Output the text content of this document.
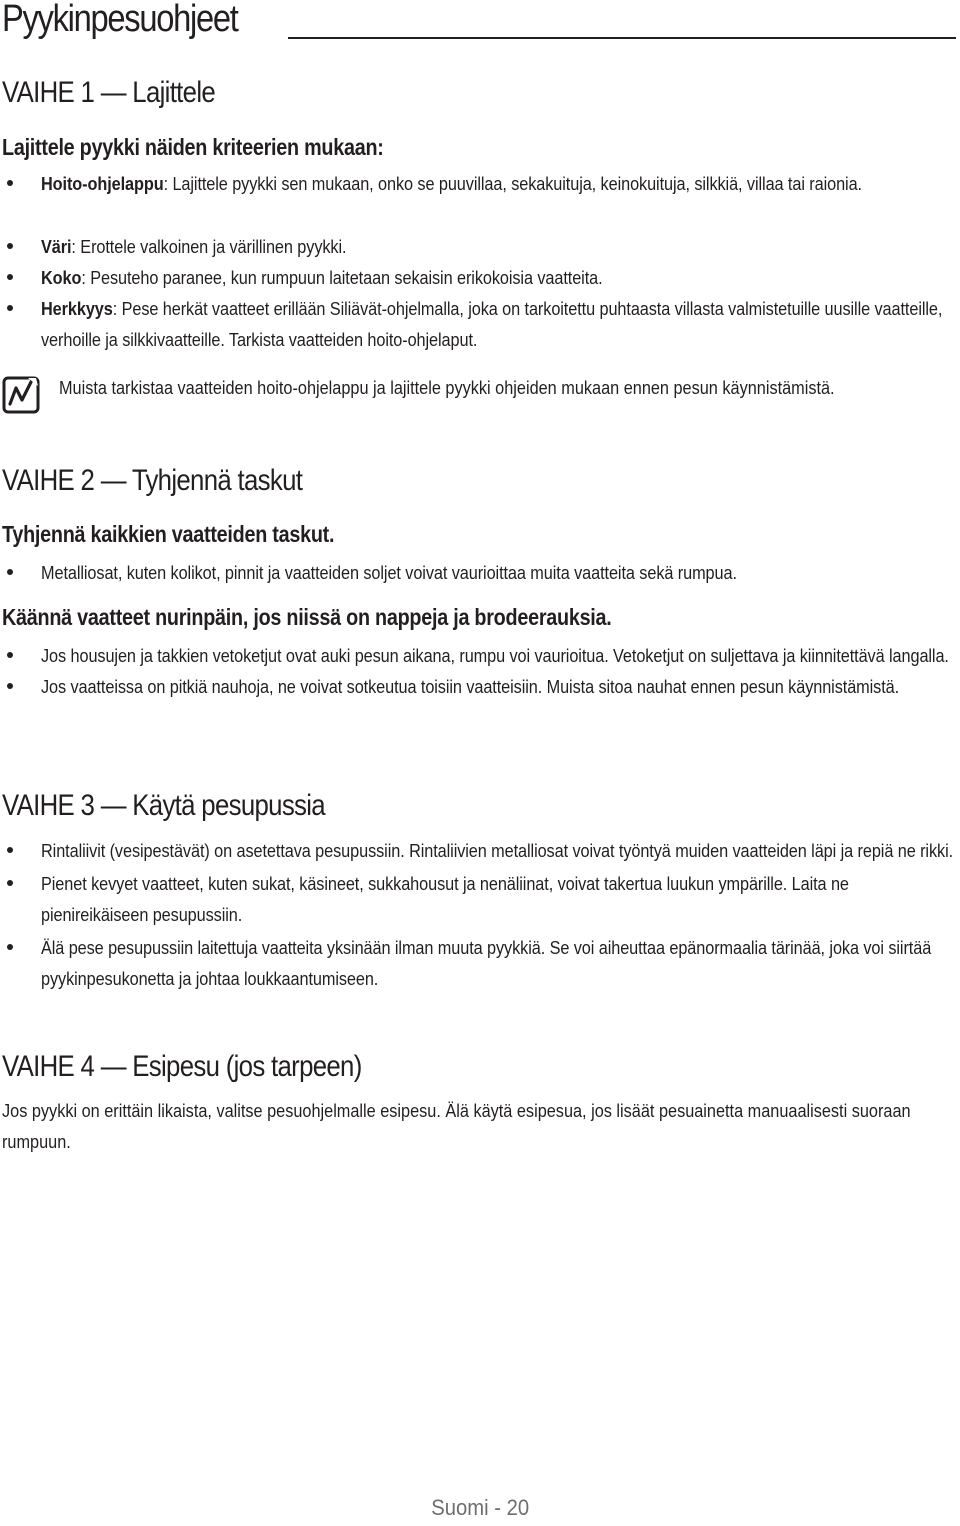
Pyykinpesuohjeet
VAIHE 1 — Lajittele
Lajittele pyykki näiden kriteerien mukaan:
Hoito-ohjelappu: Lajittele pyykki sen mukaan, onko se puuvillaa, sekakuituja, keinokuituja, silkkiä, villaa tai raionia.
Väri: Erottele valkoinen ja värillinen pyykki.
Koko: Pesuteho paranee, kun rumpuun laitetaan sekaisin erikokoisia vaatteita.
Herkkyys: Pese herkät vaatteet erillään Siliävät-ohjelmalla, joka on tarkoitettu puhtaasta villasta valmistetuille uusille vaatteille, verhoille ja silkkivaatteille. Tarkista vaatteiden hoito-ohjelaput.
Muista tarkistaa vaatteiden hoito-ohjelappu ja lajittele pyykki ohjeiden mukaan ennen pesun käynnistämistä.
VAIHE 2 — Tyhjennä taskut
Tyhjennä kaikkien vaatteiden taskut.
Metalliosat, kuten kolikot, pinnit ja vaatteiden soljet voivat vaurioittaa muita vaatteita sekä rumpua.
Käännä vaatteet nurinpäin, jos niissä on nappeja ja brodeerauksia.
Jos housujen ja takkien vetoketjut ovat auki pesun aikana, rumpu voi vaurioitua. Vetoketjut on suljettava ja kiinnitettävä langalla.
Jos vaatteissa on pitkiä nauhoja, ne voivat sotkeutua toisiin vaatteisiin. Muista sitoa nauhat ennen pesun käynnistämistä.
VAIHE 3 — Käytä pesupussia
Rintaliivit (vesipestävät) on asetettava pesupussiin. Rintaliivien metalliosat voivat työntyä muiden vaatteiden läpi ja repiä ne rikki.
Pienet kevyet vaatteet, kuten sukat, käsineet, sukkahousut ja nenäliinat, voivat takertua luukun ympärille. Laita ne pienireikäiseen pesupussiin.
Älä pese pesupussiin laitettuja vaatteita yksinään ilman muuta pyykkiä. Se voi aiheuttaa epänormaalia tärinää, joka voi siirtää pyykinpesukonetta ja johtaa loukkaantumiseen.
VAIHE 4 — Esipesu (jos tarpeen)
Jos pyykki on erittäin likaista, valitse pesuohjelmalle esipesu. Älä käytä esipesua, jos lisäät pesuainetta manuaalisesti suoraan rumpuun.
Suomi - 20
